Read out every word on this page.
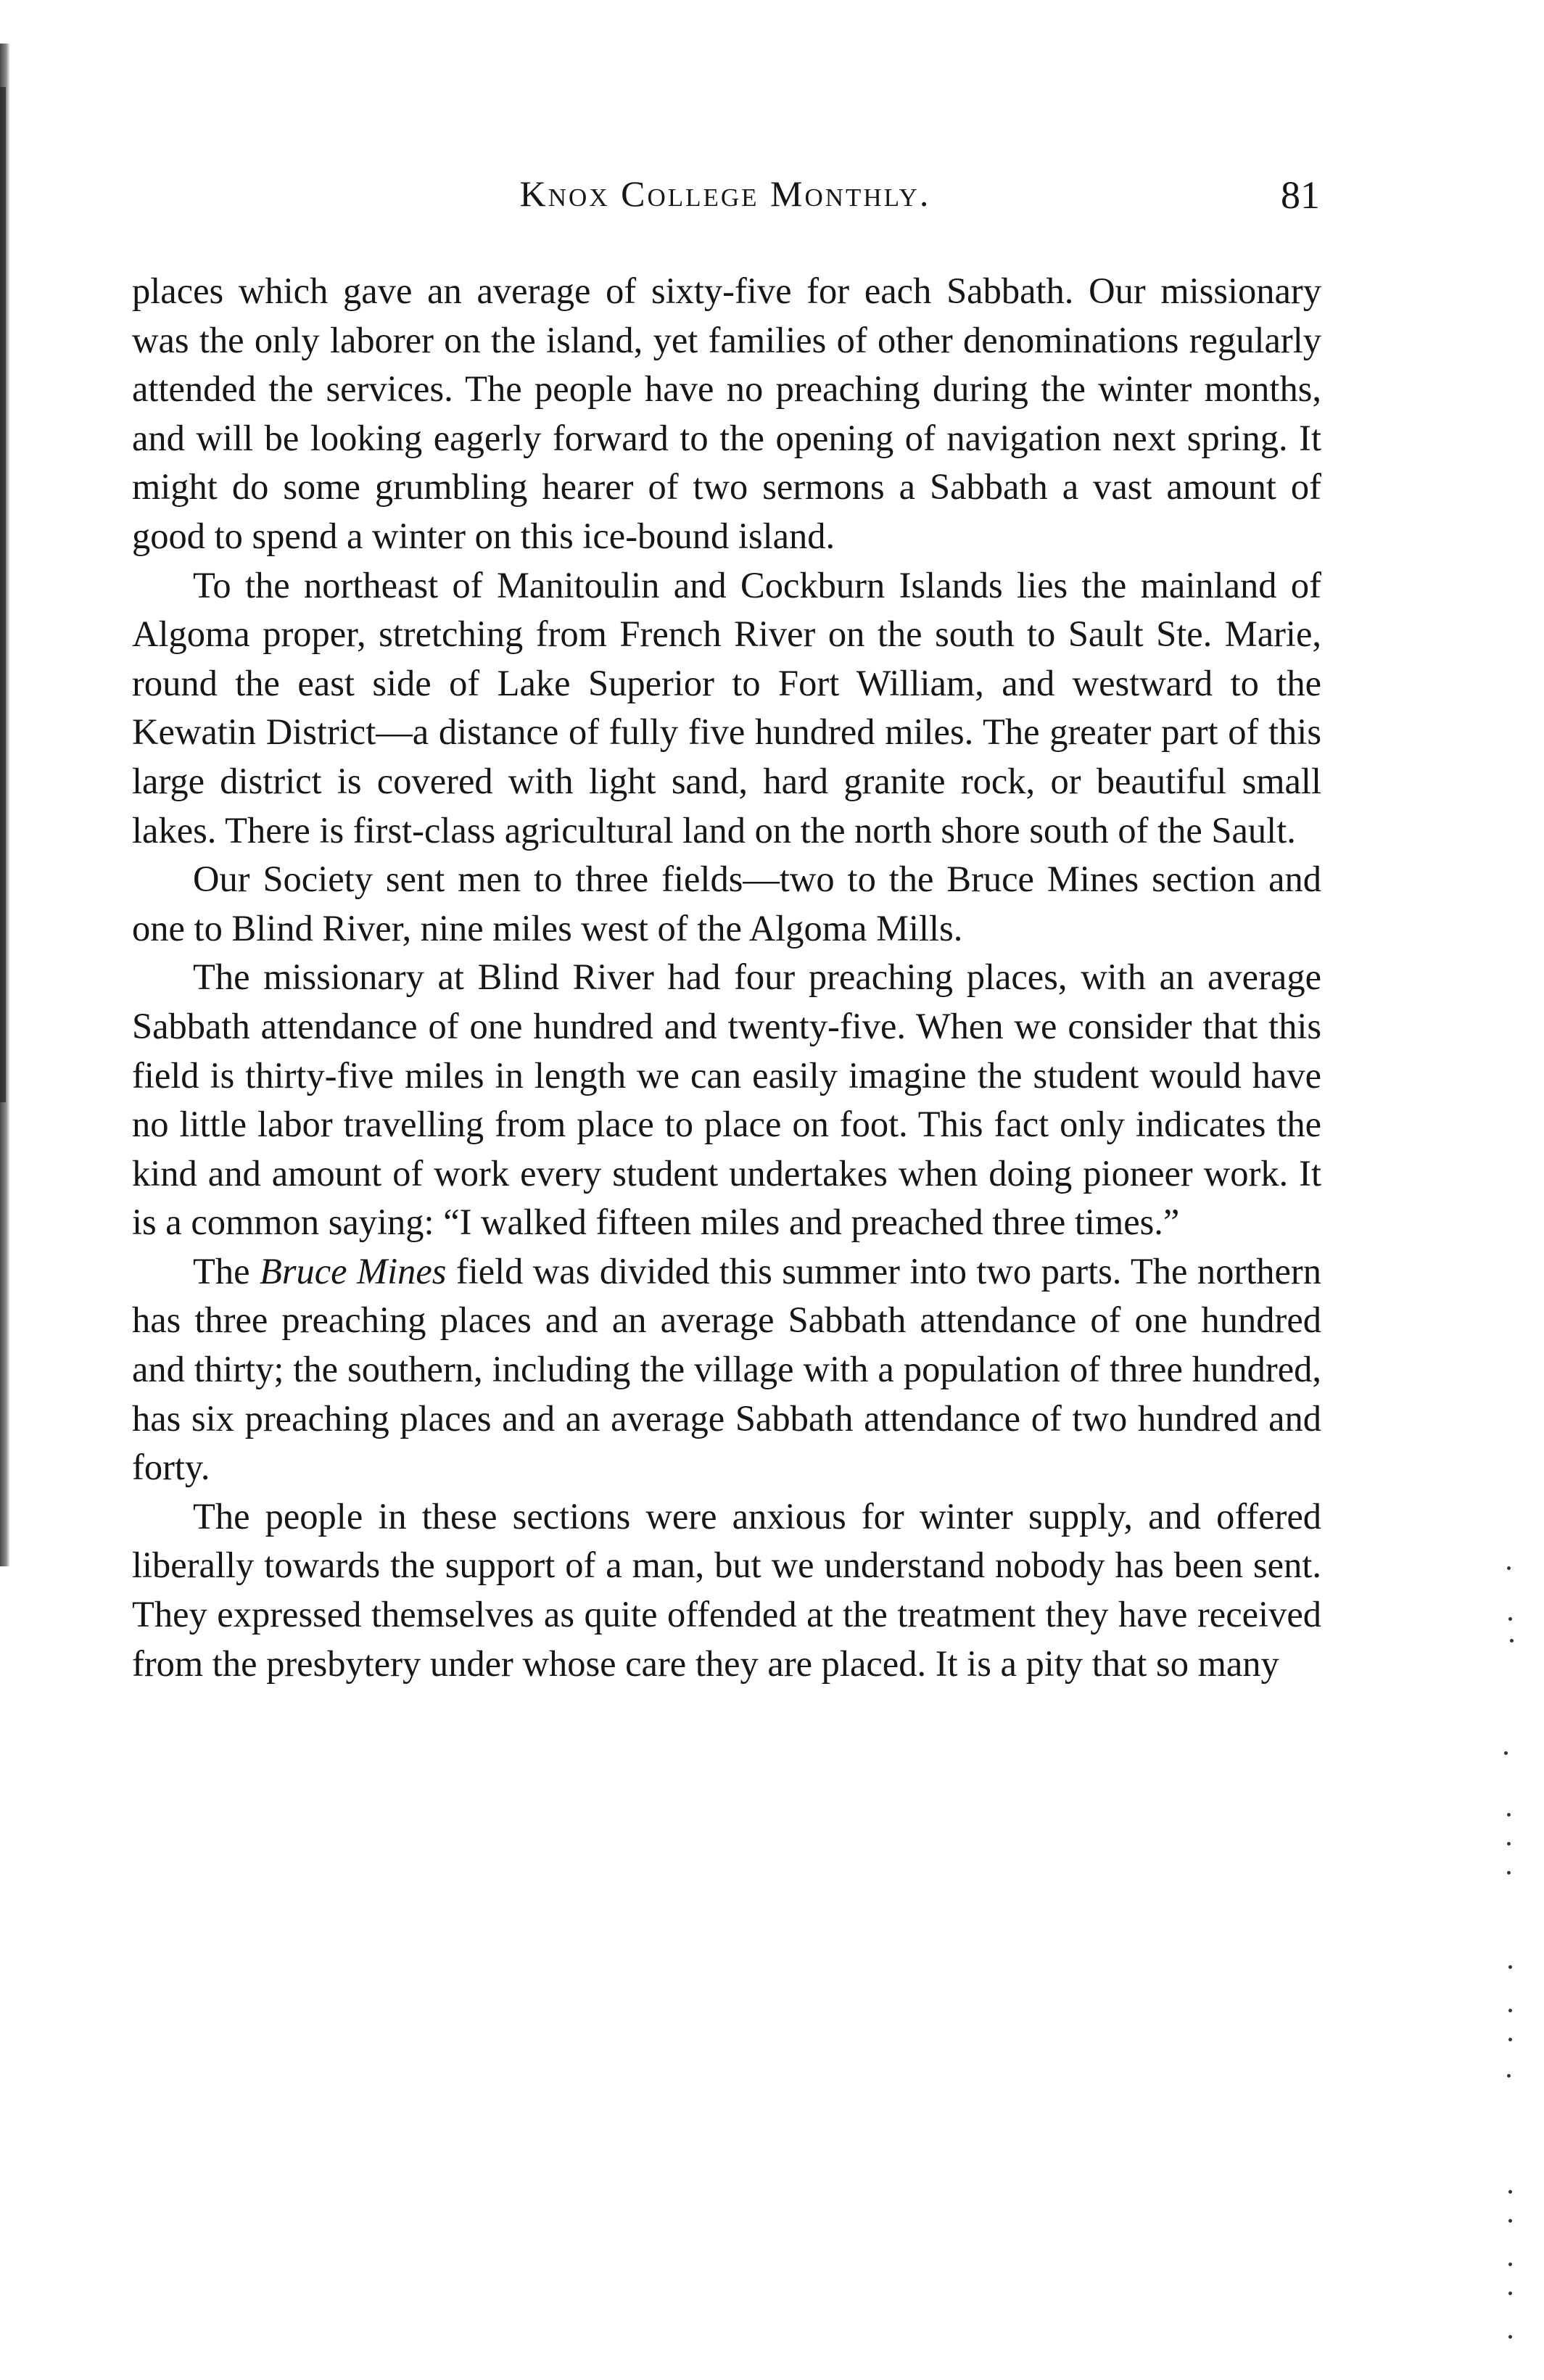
Knox College Monthly.	81

places which gave an average of sixty-five for each Sabbath. Our missionary was the only laborer on the island, yet families of other denominations regularly attended the services. The people have no preaching during the winter months, and will be looking eagerly forward to the opening of navigation next spring. It might do some grumbling hearer of two sermons a Sabbath a vast amount of good to spend a winter on this ice-bound island.

To the northeast of Manitoulin and Cockburn Islands lies the mainland of Algoma proper, stretching from French River on the south to Sault Ste. Marie, round the east side of Lake Superior to Fort William, and westward to the Kewatin District—a distance of fully five hundred miles. The greater part of this large district is covered with light sand, hard granite rock, or beautiful small lakes. There is first-class agricultural land on the north shore south of the Sault.

Our Society sent men to three fields—two to the Bruce Mines section and one to Blind River, nine miles west of the Algoma Mills.

The missionary at Blind River had four preaching places, with an average Sabbath attendance of one hundred and twenty-five. When we consider that this field is thirty-five miles in length we can easily imagine the student would have no little labor travelling from place to place on foot. This fact only indicates the kind and amount of work every student undertakes when doing pioneer work. It is a common saying: “I walked fifteen miles and preached three times.”

The Bruce Mines field was divided this summer into two parts. The northern has three preaching places and an average Sabbath attendance of one hundred and thirty; the southern, including the village with a population of three hundred, has six preaching places and an average Sabbath attendance of two hundred and forty.

The people in these sections were anxious for winter supply, and offered liberally towards the support of a man, but we understand nobody has been sent. They expressed themselves as quite offended at the treatment they have received from the presbytery under whose care they are placed. It is a pity that so many
